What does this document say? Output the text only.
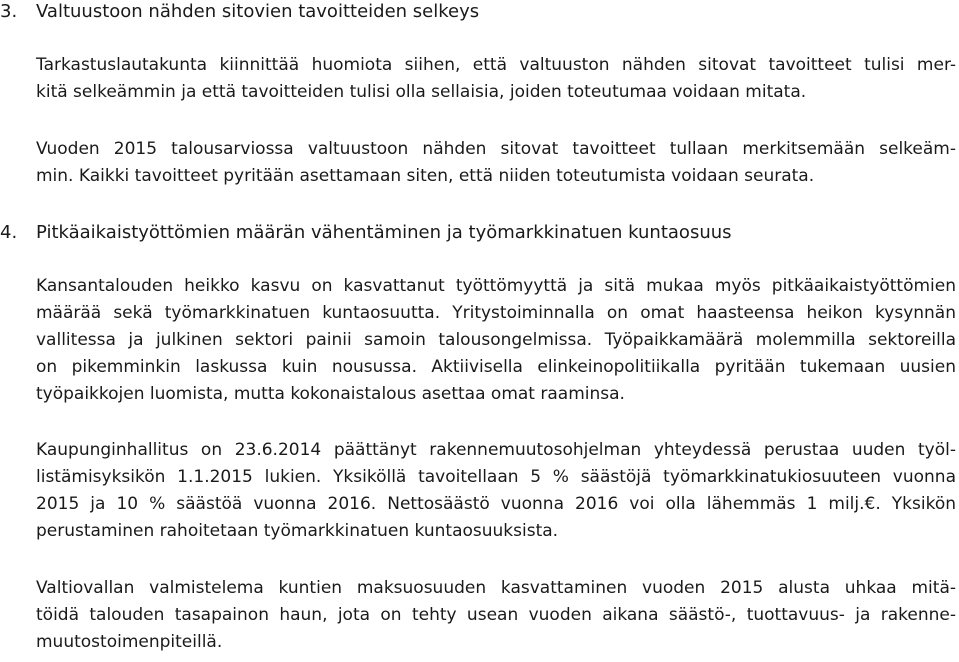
3. Valtuustoon nähden sitovien tavoitteiden selkeys

Tarkastuslautakunta kiinnittää huomiota siihen, että valtuuston nähden sitovat tavoitteet tulisi mer-
kitä selkeämmin ja että tavoitteiden tulisi olla sellaisia, joiden toteutumaa voidaan mitata.

Vuoden 2015 talousarviossa valtuustoon nähden sitovat tavoitteet tullaan merkitsemään selkeäm-
min. Kaikki tavoitteet pyritään asettamaan siten, että niiden toteutumista voidaan seurata.

4. Pitkäaikaistyöttömien määrän vähentäminen ja työmarkkinatuen kuntaosuus

Kansantalouden heikko kasvu on kasvattanut työttömyyttä ja sitä mukaa myös pitkäaikaistyöttömien
määrää sekä työmarkkinatuen kuntaosuutta. Yritystoiminnalla on omat haasteensa heikon kysynnän
vallitessa ja julkinen sektori painii samoin talousongelmissa. Työpaikkamäärä molemmilla sektoreilla
on pikemminkin laskussa kuin nousussa. Aktiivisella elinkeinopolitiikalla pyritään tukemaan uusien
työpaikkojen luomista, mutta kokonaistalous asettaa omat raaminsa.

Kaupunginhallitus on 23.6.2014 päättänyt rakennemuutosohjelman yhteydessä perustaa uuden työl-
listämisyksikön 1.1.2015 lukien. Yksiköllä tavoitellaan 5 % säästöjä työmarkkinatukiosuuteen vuonna
2015 ja 10 % säästöä vuonna 2016. Nettosäästö vuonna 2016 voi olla lähemmäs 1 milj.€. Yksikön
perustaminen rahoitetaan työmarkkinatuen kuntaosuuksista.

Valtiovallan valmistelema kuntien maksuosuuden kasvattaminen vuoden 2015 alusta uhkaa mitä-
töidä talouden tasapainon haun, jota on tehty usean vuoden aikana säästö-, tuottavuus- ja rakenne-
muutostoimenpiteillä.
